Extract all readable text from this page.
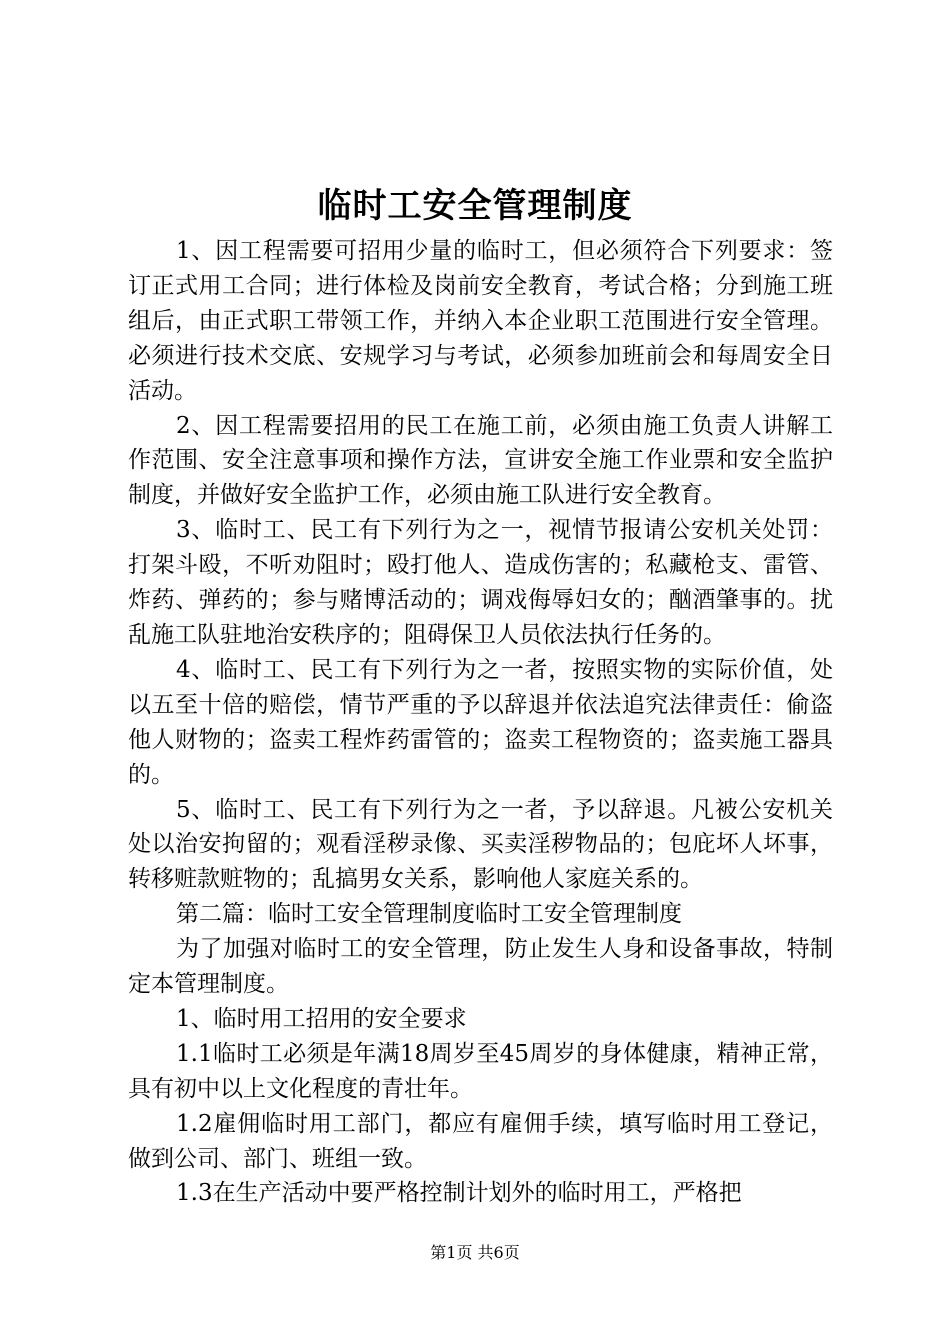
临时工安全管理制度

1、因工程需要可招用少量的临时工，但必须符合下列要求：签订正式用工合同；进行体检及岗前安全教育，考试合格；分到施工班组后，由正式职工带领工作，并纳入本企业职工范围进行安全管理。必须进行技术交底、安规学习与考试，必须参加班前会和每周安全日活动。

2、因工程需要招用的民工在施工前，必须由施工负责人讲解工作范围、安全注意事项和操作方法，宣讲安全施工作业票和安全监护制度，并做好安全监护工作，必须由施工队进行安全教育。

3、临时工、民工有下列行为之一，视情节报请公安机关处罚：打架斗殴，不听劝阻时；殴打他人、造成伤害的；私藏枪支、雷管、炸药、弹药的；参与赌博活动的；调戏侮辱妇女的；酗酒肇事的。扰乱施工队驻地治安秩序的；阻碍保卫人员依法执行任务的。

4、临时工、民工有下列行为之一者，按照实物的实际价值，处以五至十倍的赔偿，情节严重的予以辞退并依法追究法律责任：偷盗他人财物的；盗卖工程炸药雷管的；盗卖工程物资的；盗卖施工器具的。

5、临时工、民工有下列行为之一者，予以辞退。凡被公安机关处以治安拘留的；观看淫秽录像、买卖淫秽物品的；包庇坏人坏事，转移赃款赃物的；乱搞男女关系，影响他人家庭关系的。

第二篇：临时工安全管理制度临时工安全管理制度

为了加强对临时工的安全管理，防止发生人身和设备事故，特制定本管理制度。

1、临时用工招用的安全要求

1.1临时工必须是年满18周岁至45周岁的身体健康，精神正常，具有初中以上文化程度的青壮年。

1.2雇佣临时用工部门，都应有雇佣手续，填写临时用工登记，做到公司、部门、班组一致。

1.3在生产活动中要严格控制计划外的临时用工，严格把

第1页 共6页
